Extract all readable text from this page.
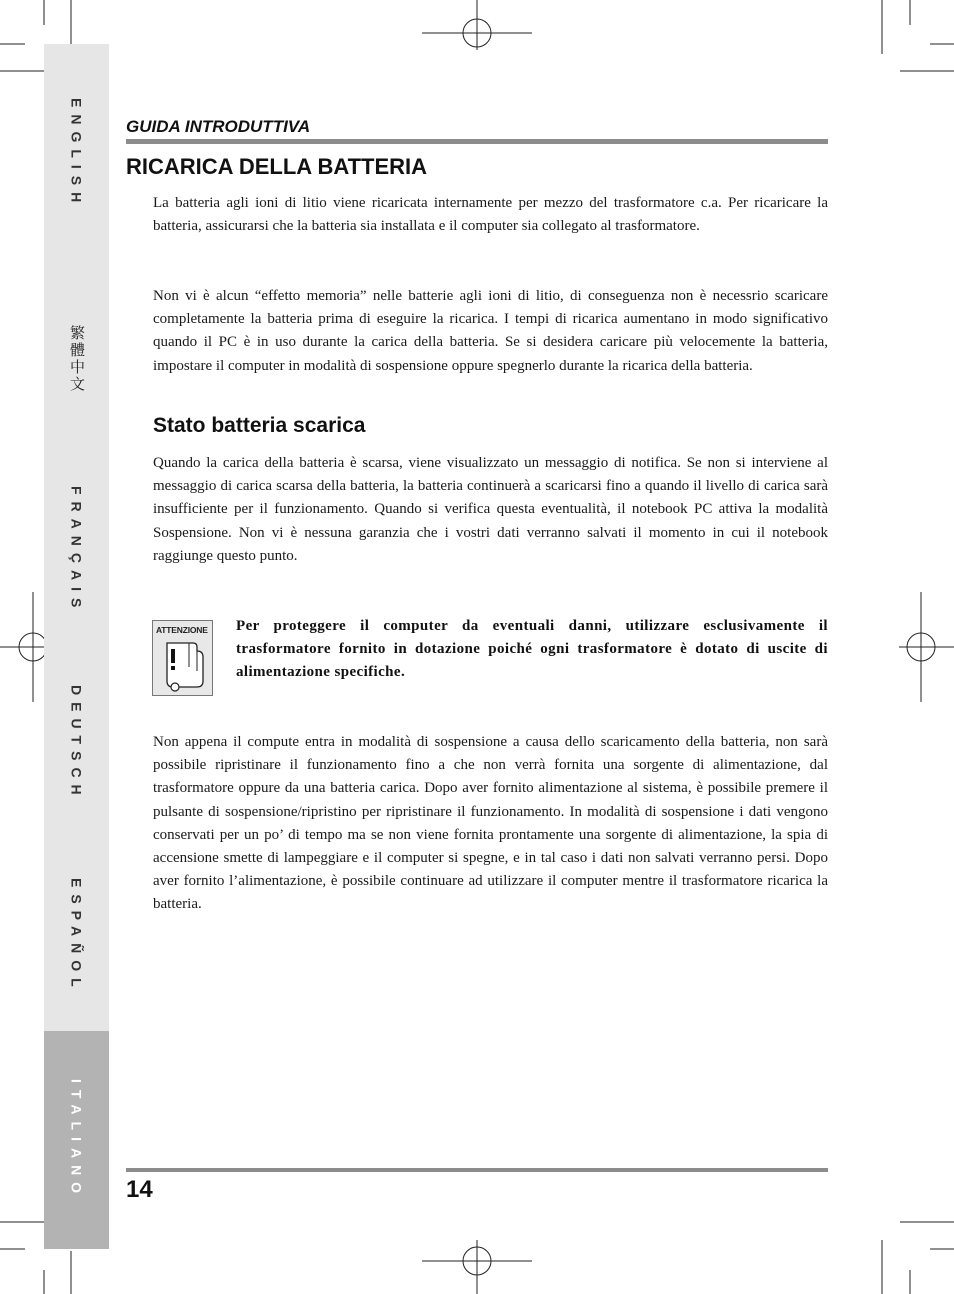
ENGLISH
繁體中文
FRANÇAIS
DEUTSCH
ESPAÑOL
ITALIANO
GUIDA INTRODUTTIVA
RICARICA DELLA BATTERIA

La batteria agli ioni di litio viene ricaricata internamente per mezzo del trasformatore c.a. Per ricaricare la batteria, assicurarsi che la batteria sia installata e il computer sia collegato al trasformatore.

Non vi è alcun “effetto memoria” nelle batterie agli ioni di litio, di conseguenza non è necessrio scaricare completamente la batteria prima di eseguire la ricarica. I tempi di ricarica aumentano in modo significativo quando il PC è in uso durante la carica della batteria. Se si desidera caricare più velocemente la batteria, impostare il computer in modalità di sospensione oppure spegnerlo durante la ricarica della batteria.

Stato batteria scarica

Quando la carica della batteria è scarsa, viene visualizzato un messaggio di notifica. Se non si interviene al messaggio di carica scarsa della batteria, la batteria continuerà a scaricarsi fino a quando il livello di carica sarà insufficiente per il funzionamento. Quando si verifica questa eventualità, il notebook PC attiva la modalità Sospensione. Non vi è nessuna garanzia che i vostri dati verranno salvati il momento in cui il notebook raggiunge questo punto.

ATTENZIONE Per proteggere il computer da eventuali danni, utilizzare esclusivamente il trasformatore fornito in dotazione poiché ogni trasformatore è dotato di uscite di alimentazione specifiche.

Non appena il compute entra in modalità di sospensione a causa dello scaricamento della batteria, non sarà possibile ripristinare il funzionamento fino a che non verrà fornita una sorgente di alimentazione, dal trasformatore oppure da una batteria carica. Dopo aver fornito alimentazione al sistema, è possibile premere il pulsante di sospensione/ripristino per ripristinare il funzionamento. In modalità di sospensione i dati vengono conservati per un po’ di tempo ma se non viene fornita prontamente una sorgente di alimentazione, la spia di accensione smette di lampeggiare e il computer si spegne, e in tal caso i dati non salvati verranno persi. Dopo aver fornito l’alimentazione, è possibile continuare ad utilizzare il computer mentre il trasformatore ricarica la batteria.

14
